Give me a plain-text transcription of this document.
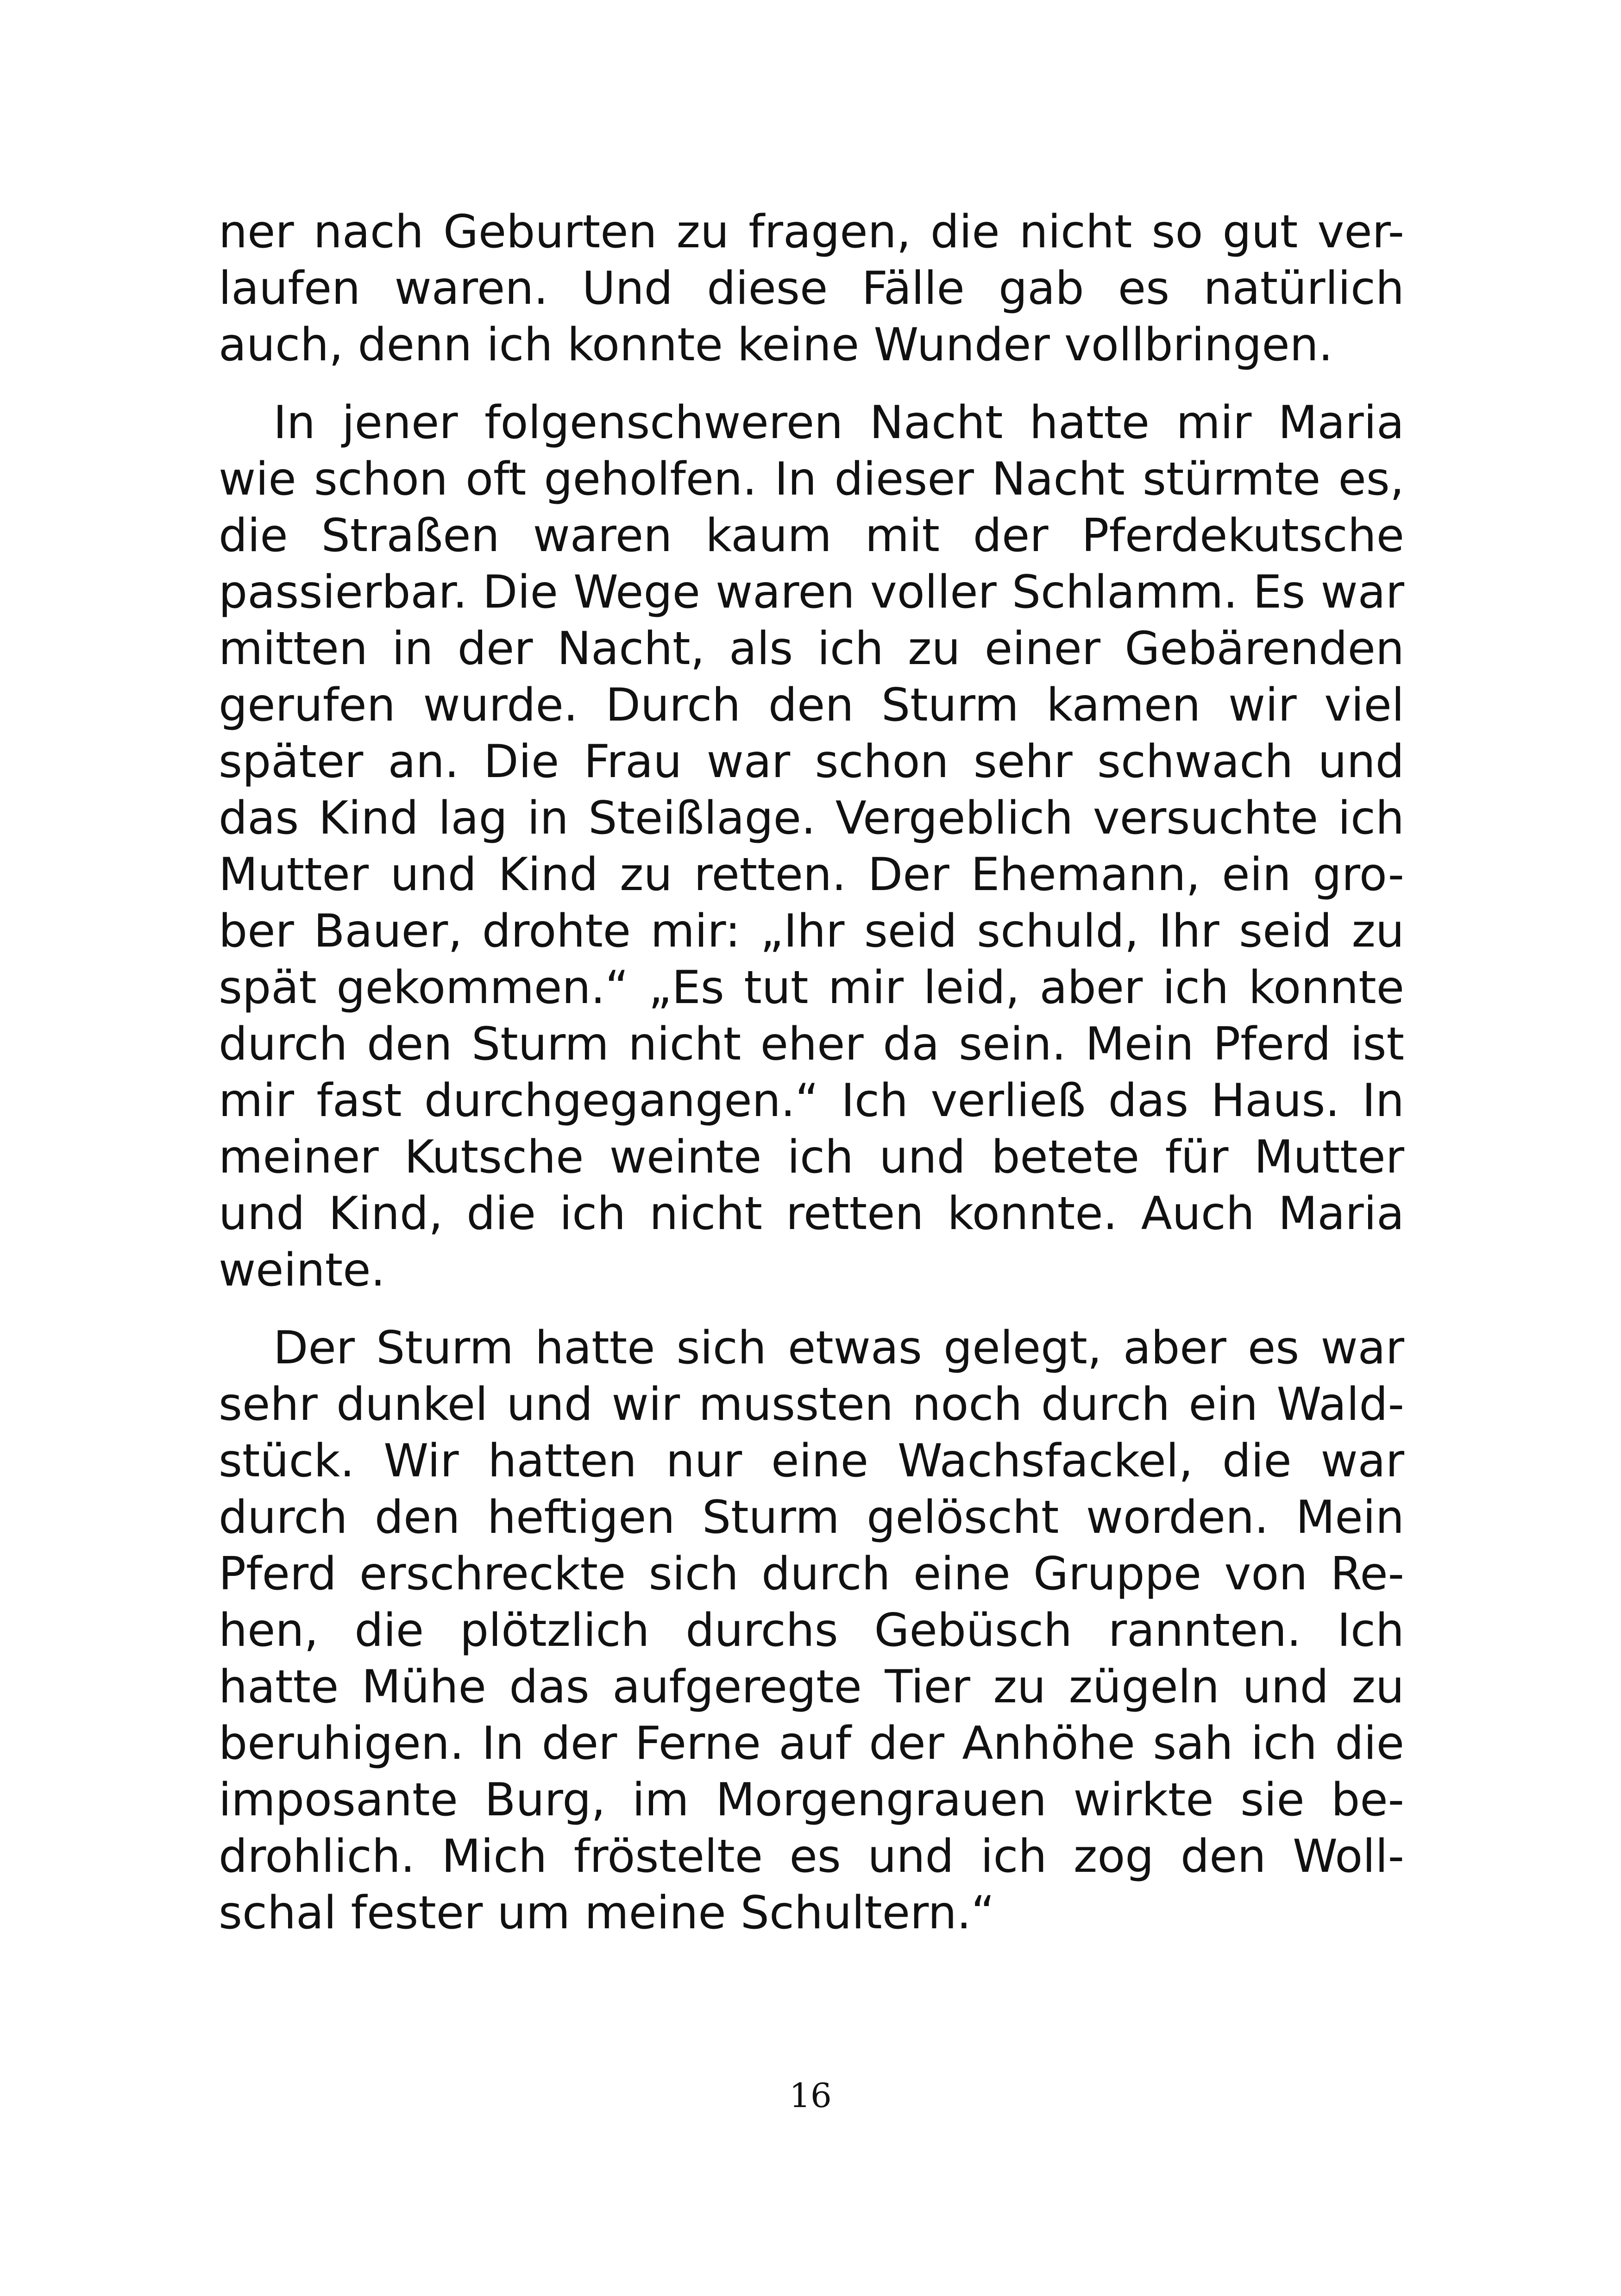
ner nach Geburten zu fragen, die nicht so gut ver-laufen waren. Und diese Fälle gab es natürlich auch, denn ich konnte keine Wunder vollbringen.

In jener folgenschweren Nacht hatte mir Maria wie schon oft geholfen. In dieser Nacht stürmte es, die Straßen waren kaum mit der Pferdekutsche passierbar. Die Wege waren voller Schlamm. Es war mitten in der Nacht, als ich zu einer Gebärenden gerufen wurde. Durch den Sturm kamen wir viel später an. Die Frau war schon sehr schwach und das Kind lag in Steißlage. Vergeblich versuchte ich Mutter und Kind zu retten. Der Ehemann, ein gro-ber Bauer, drohte mir: „Ihr seid schuld, Ihr seid zu spät gekommen.“ „Es tut mir leid, aber ich konnte durch den Sturm nicht eher da sein. Mein Pferd ist mir fast durchgegangen.“ Ich verließ das Haus. In meiner Kutsche weinte ich und betete für Mutter und Kind, die ich nicht retten konnte. Auch Maria weinte.

Der Sturm hatte sich etwas gelegt, aber es war sehr dunkel und wir mussten noch durch ein Wald-stück. Wir hatten nur eine Wachsfackel, die war durch den heftigen Sturm gelöscht worden. Mein Pferd erschreckte sich durch eine Gruppe von Re-hen, die plötzlich durchs Gebüsch rannten. Ich hatte Mühe das aufgeregte Tier zu zügeln und zu beruhigen. In der Ferne auf der Anhöhe sah ich die imposante Burg, im Morgengrauen wirkte sie be-drohlich. Mich fröstelte es und ich zog den Woll-schal fester um meine Schultern.“

16
